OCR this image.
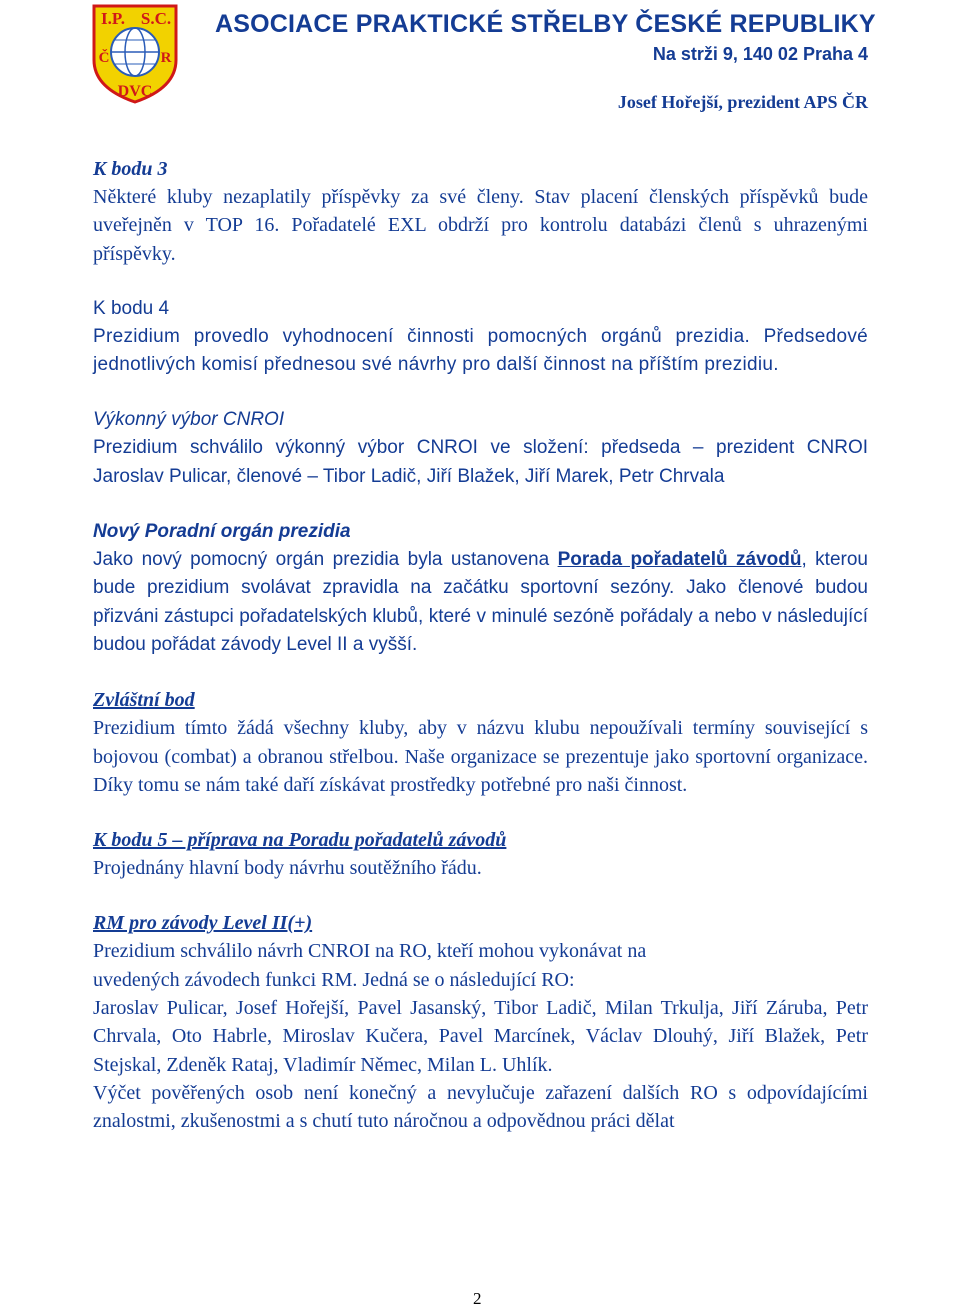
I.P. S.C.
Č	R
DVC
ASOCIACE PRAKTICKÉ STŘELBY ČESKÉ REPUBLIKY
Na strži 9, 140 02 Praha 4
Josef Hořejší, prezident APS ČR
K bodu 3

Některé kluby nezaplatily příspěvky za své členy. Stav placení členských příspěvků bude uveřejněn v TOP 16. Pořadatelé EXL obdrží pro kontrolu databázi členů s uhrazenými příspěvky.

K bodu 4

Prezidium provedlo vyhodnocení činnosti pomocných orgánů prezidia. Předsedové jednotlivých komisí přednesou své návrhy pro další činnost na příštím prezidiu.

Výkonný výbor CNROI

Prezidium schválilo výkonný výbor CNROI ve složení: předseda – prezident CNROI Jaroslav Pulicar, členové – Tibor Ladič, Jiří Blažek, Jiří Marek, Petr Chrvala

Nový Poradní orgán prezidia

Jako nový pomocný orgán prezidia byla ustanovena Porada pořadatelů závodů, kterou bude prezidium svolávat zpravidla na začátku sportovní sezóny. Jako členové budou přizváni zástupci pořadatelských klubů, které v minulé sezóně pořádaly a nebo v následující budou pořádat závody Level II a vyšší.

Zvláštní bod

Prezidium tímto žádá všechny kluby, aby v názvu klubu nepoužívali termíny související s bojovou (combat) a obranou střelbou. Naše organizace se prezentuje jako sportovní organizace. Díky tomu se nám také daří získávat prostředky potřebné pro naši činnost.

K bodu 5 – příprava na Poradu pořadatelů závodů

Projednány hlavní body návrhu soutěžního řádu.

RM pro závody Level II(+)

Prezidium schválilo návrh CNROI na RO, kteří mohou vykonávat na

uvedených závodech funkci RM. Jedná se o následující RO:

Jaroslav Pulicar, Josef Hořejší, Pavel Jasanský, Tibor Ladič, Milan Trkulja, Jiří Záruba, Petr Chrvala, Oto Habrle, Miroslav Kučera, Pavel Marcínek, Václav Dlouhý, Jiří Blažek, Petr Stejskal, Zdeněk Rataj, Vladimír Němec, Milan L. Uhlík.

Výčet pověřených osob není konečný a nevylučuje zařazení dalších RO s odpovídajícími znalostmi, zkušenostmi a s chutí tuto náročnou a odpovědnou práci dělat

2
